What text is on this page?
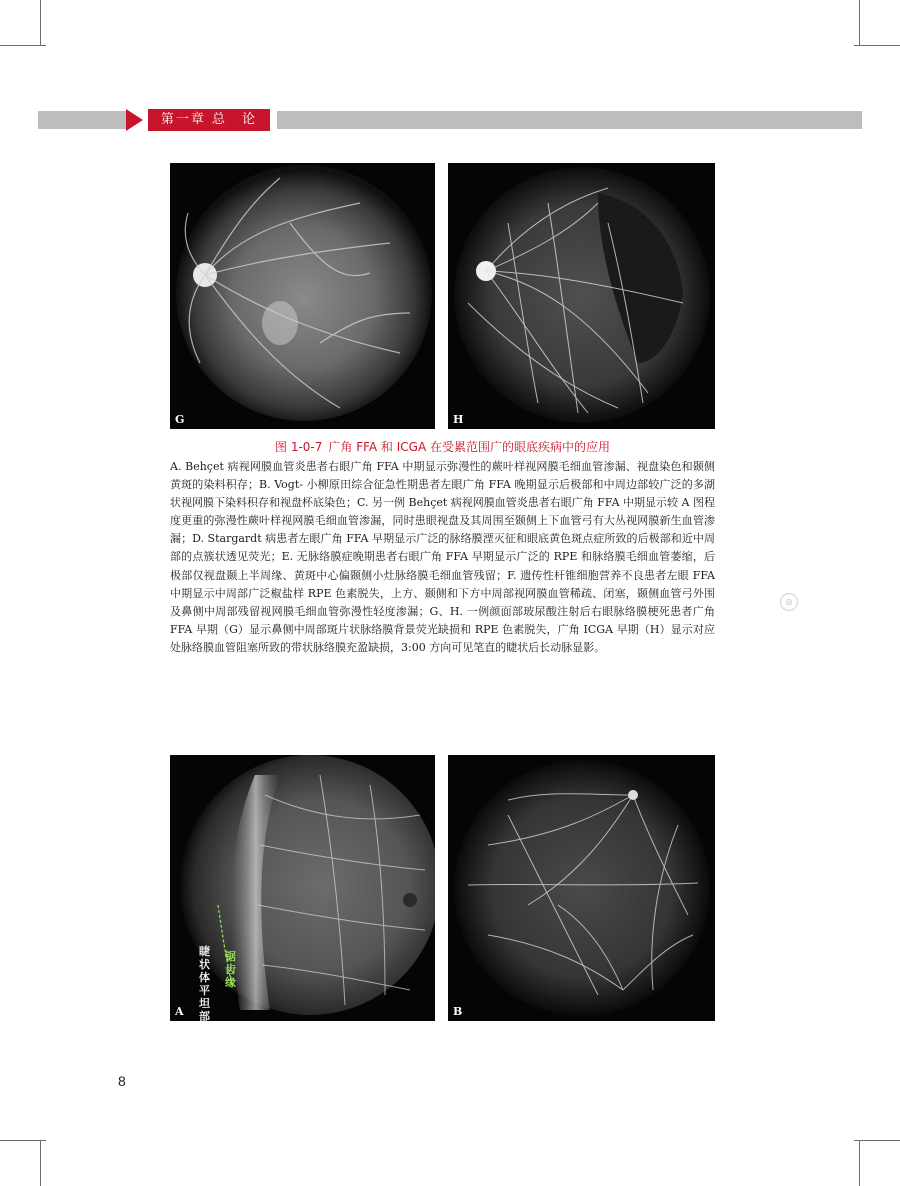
第一章 总　论
G	H
图 1-0-7 广角 FFA 和 ICGA 在受累范围广的眼底疾病中的应用
A. Behçet 病视网膜血管炎患者右眼广角 FFA 中期显示弥漫性的蕨叶样视网膜毛细血管渗漏、视盘染色和颞侧黄斑的染料积存；B. Vogt- 小柳原田综合征急性期患者左眼广角 FFA 晚期显示后极部和中周边部较广泛的多湖状视网膜下染料积存和视盘杯底染色；C. 另一例 Behçet 病视网膜血管炎患者右眼广角 FFA 中期显示较 A 图程度更重的弥漫性蕨叶样视网膜毛细血管渗漏，同时患眼视盘及其周围至颞侧上下血管弓有大丛视网膜新生血管渗漏；D. Stargardt 病患者左眼广角 FFA 早期显示广泛的脉络膜湮灭征和眼底黄色斑点症所致的后极部和近中周部的点簇状透见荧光；E. 无脉络膜症晚期患者右眼广角 FFA 早期显示广泛的 RPE 和脉络膜毛细血管萎缩，后极部仅视盘颞上半周缘、黄斑中心偏颞侧小灶脉络膜毛细血管残留；F. 遗传性杆锥细胞营养不良患者左眼 FFA 中期显示中周部广泛椒盐样 RPE 色素脱失，上方、颞侧和下方中周部视网膜血管稀疏、闭塞，颞侧血管弓外围及鼻侧中周部残留视网膜毛细血管弥漫性轻度渗漏；G、H. 一例颜面部玻尿酸注射后右眼脉络膜梗死患者广角 FFA 早期（G）显示鼻侧中周部斑片状脉络膜背景荧光缺损和 RPE 色素脱失，广角 ICGA 早期（H）显示对应处脉络膜血管阻塞所致的带状脉络膜充盈缺损，3:00 方向可见笔直的睫状后长动脉显影。
◎
A
睫状体平坦部
锯齿缘
B
8
